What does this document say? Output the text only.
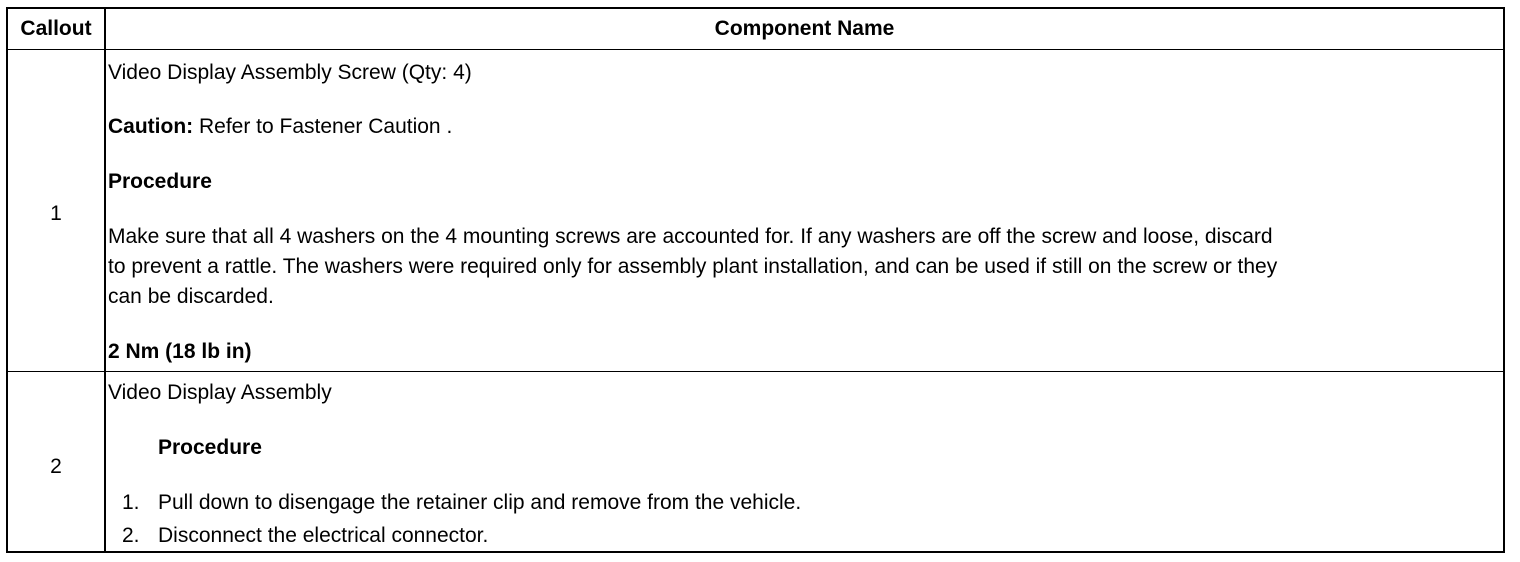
Callout	Component Name
1
Video Display Assembly Screw (Qty: 4)
Caution: Refer to Fastener Caution .
Procedure
Make sure that all 4 washers on the 4 mounting screws are accounted for. If any washers are off the screw and loose, discard
to prevent a rattle. The washers were required only for assembly plant installation, and can be used if still on the screw or they
can be discarded.
2 Nm (18 lb in)
2
Video Display Assembly
Procedure
1. Pull down to disengage the retainer clip and remove from the vehicle.
2. Disconnect the electrical connector.
